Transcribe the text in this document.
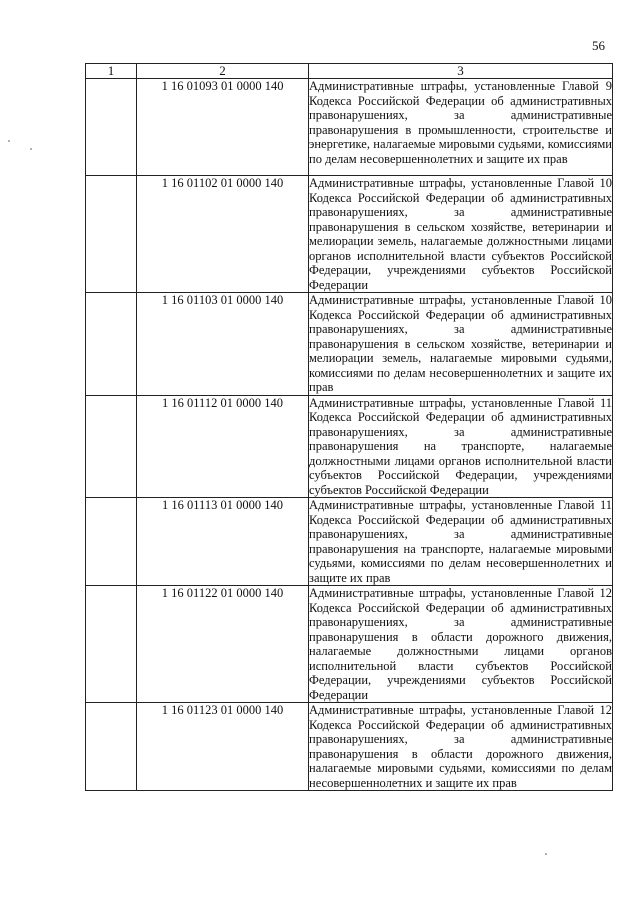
56
1	2	3
	1 16 01093 01 0000 140	Административные штрафы, установленные Главой 9 Кодекса Российской Федерации об административных правонарушениях, за административные правонарушения в промышленности, строительстве и энергетике, налагаемые мировыми судьями, комиссиями по делам несовершеннолетних и защите их прав
	1 16 01102 01 0000 140	Административные штрафы, установленные Главой 10 Кодекса Российской Федерации об административных правонарушениях, за административные правонарушения в сельском хозяйстве, ветеринарии и мелиорации земель, налагаемые должностными лицами органов исполнительной власти субъектов Российской Федерации, учреждениями субъектов Российской Федерации
	1 16 01103 01 0000 140	Административные штрафы, установленные Главой 10 Кодекса Российской Федерации об административных правонарушениях, за административные правонарушения в сельском хозяйстве, ветеринарии и мелиорации земель, налагаемые мировыми судьями, комиссиями по делам несовершеннолетних и защите их прав
	1 16 01112 01 0000 140	Административные штрафы, установленные Главой 11 Кодекса Российской Федерации об административных правонарушениях, за административные правонарушения на транспорте, налагаемые должностными лицами органов исполнительной власти субъектов Российской Федерации, учреждениями субъектов Российской Федерации
	1 16 01113 01 0000 140	Административные штрафы, установленные Главой 11 Кодекса Российской Федерации об административных правонарушениях, за административные правонарушения на транспорте, налагаемые мировыми судьями, комиссиями по делам несовершеннолетних и защите их прав
	1 16 01122 01 0000 140	Административные штрафы, установленные Главой 12 Кодекса Российской Федерации об административных правонарушениях, за административные правонарушения в области дорожного движения, налагаемые должностными лицами органов исполнительной власти субъектов Российской Федерации, учреждениями субъектов Российской Федерации
	1 16 01123 01 0000 140	Административные штрафы, установленные Главой 12 Кодекса Российской Федерации об административных правонарушениях, за административные правонарушения в области дорожного движения, налагаемые мировыми судьями, комиссиями по делам несовершеннолетних и защите их прав
